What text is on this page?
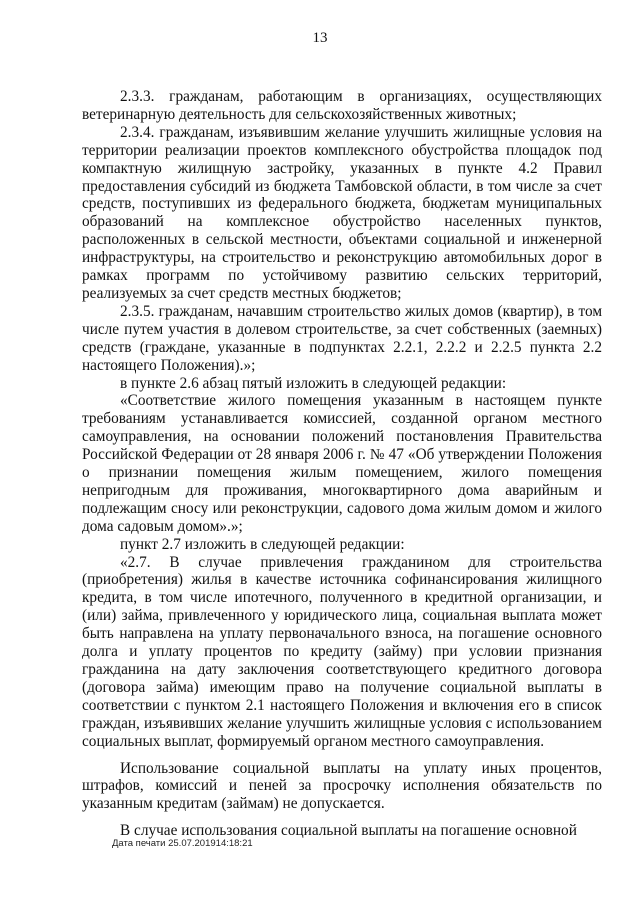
13

2.3.3. гражданам, работающим в организациях, осуществляющих ветеринарную деятельность для сельскохозяйственных животных;

2.3.4. гражданам, изъявившим желание улучшить жилищные условия на территории реализации проектов комплексного обустройства площадок под компактную жилищную застройку, указанных в пункте 4.2 Правил предоставления субсидий из бюджета Тамбовской области, в том числе за счет средств, поступивших из федерального бюджета, бюджетам муниципальных образований на комплексное обустройство населенных пунктов, расположенных в сельской местности, объектами социальной и инженерной инфраструктуры, на строительство и реконструкцию автомобильных дорог в рамках программ по устойчивому развитию сельских территорий, реализуемых за счет средств местных бюджетов;

2.3.5. гражданам, начавшим строительство жилых домов (квартир), в том числе путем участия в долевом строительстве, за счет собственных (заемных) средств (граждане, указанные в подпунктах 2.2.1, 2.2.2 и 2.2.5 пункта 2.2 настоящего Положения).»;

в пункте 2.6 абзац пятый изложить в следующей редакции:

«Соответствие жилого помещения указанным в настоящем пункте требованиям устанавливается комиссией, созданной органом местного самоуправления, на основании положений постановления Правительства Российской Федерации от 28 января 2006 г. № 47 «Об утверждении Положения о признании помещения жилым помещением, жилого помещения непригодным для проживания, многоквартирного дома аварийным и подлежащим сносу или реконструкции, садового дома жилым домом и жилого дома садовым домом».»;

пункт 2.7 изложить в следующей редакции:

«2.7. В случае привлечения гражданином для строительства (приобретения) жилья в качестве источника софинансирования жилищного кредита, в том числе ипотечного, полученного в кредитной организации, и (или) займа, привлеченного у юридического лица, социальная выплата может быть направлена на уплату первоначального взноса, на погашение основного долга и уплату процентов по кредиту (займу) при условии признания гражданина на дату заключения соответствующего кредитного договора (договора займа) имеющим право на получение социальной выплаты в соответствии с пунктом 2.1 настоящего Положения и включения его в список граждан, изъявивших желание улучшить жилищные условия с использованием социальных выплат, формируемый органом местного самоуправления.

Использование социальной выплаты на уплату иных процентов, штрафов, комиссий и пеней за просрочку исполнения обязательств по указанным кредитам (займам) не допускается.

В случае использования социальной выплаты на погашение основной

Дата печати 25.07.201914:18:21
